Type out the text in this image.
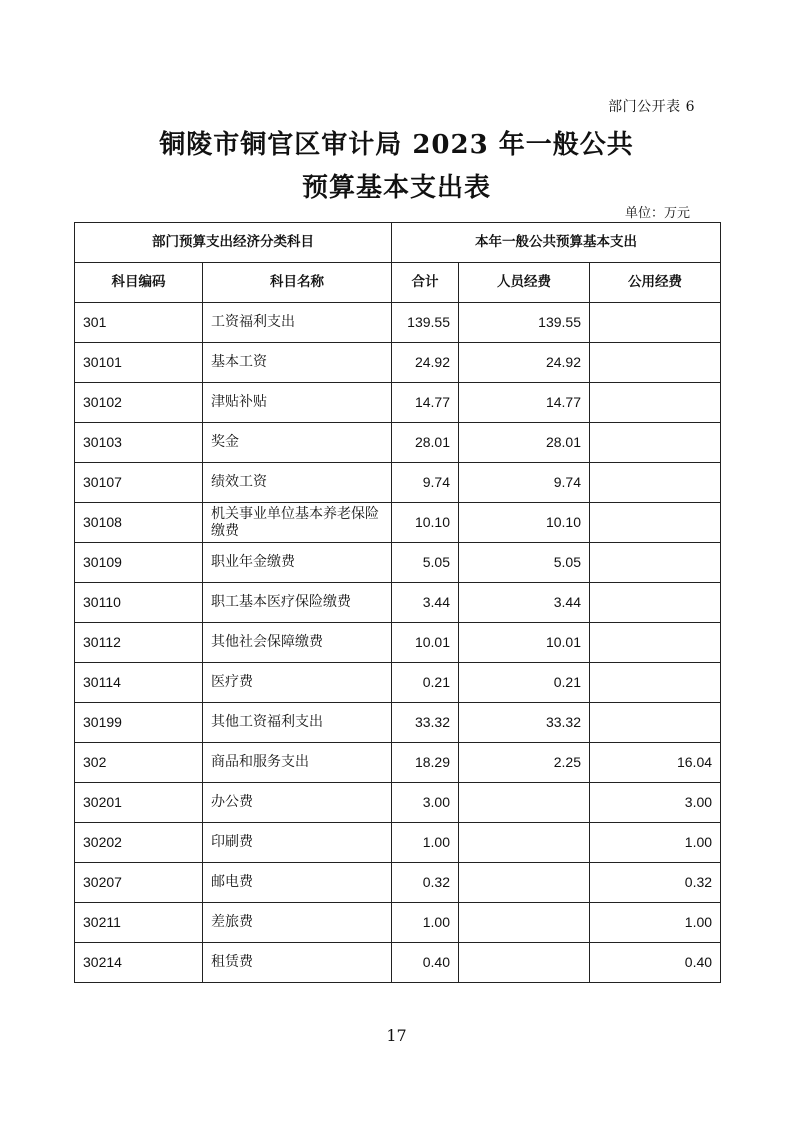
部门公开表 6
铜陵市铜官区审计局 2023 年一般公共
预算基本支出表
单位：万元
部门预算支出经济分类科目		本年一般公共预算基本支出		
科目编码	科目名称	合计	人员经费	公用经费
301	工资福利支出	139.55	139.55	
30101	基本工资	24.92	24.92	
30102	津贴补贴	14.77	14.77	
30103	奖金	28.01	28.01	
30107	绩效工资	9.74	9.74	
30108	机关事业单位基本养老保险缴费	10.10	10.10	
30109	职业年金缴费	5.05	5.05	
30110	职工基本医疗保险缴费	3.44	3.44	
30112	其他社会保障缴费	10.01	10.01	
30114	医疗费	0.21	0.21	
30199	其他工资福利支出	33.32	33.32	
302	商品和服务支出	18.29	2.25	16.04
30201	办公费	3.00		3.00
30202	印刷费	1.00		1.00
30207	邮电费	0.32		0.32
30211	差旅费	1.00		1.00
30214	租赁费	0.40		0.40
17
